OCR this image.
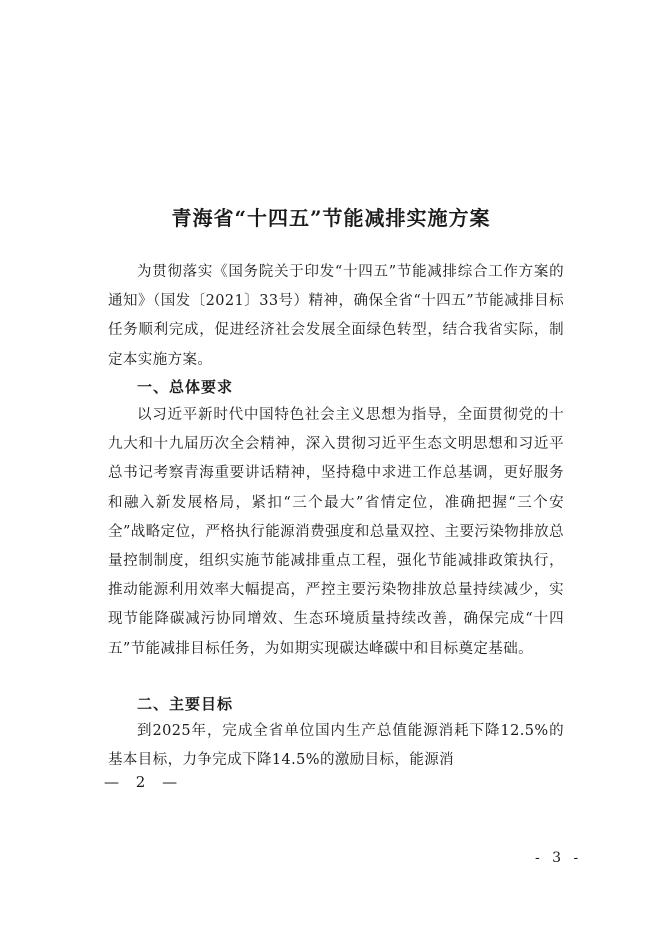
青海省“十四五”节能减排实施方案

为贯彻落实《国务院关于印发“十四五”节能减排综合工作方案的通知》（国发〔2021〕33号）精神，确保全省“十四五”节能减排目标任务顺利完成，促进经济社会发展全面绿色转型，结合我省实际，制定本实施方案。

一、总体要求

以习近平新时代中国特色社会主义思想为指导，全面贯彻党的十九大和十九届历次全会精神，深入贯彻习近平生态文明思想和习近平总书记考察青海重要讲话精神，坚持稳中求进工作总基调，更好服务和融入新发展格局，紧扣“三个最大”省情定位，准确把握“三个安全”战略定位，严格执行能源消费强度和总量双控、主要污染物排放总量控制制度，组织实施节能减排重点工程，强化节能减排政策执行，推动能源利用效率大幅提高，严控主要污染物排放总量持续减少，实现节能降碳减污协同增效、生态环境质量持续改善，确保完成“十四五”节能减排目标任务，为如期实现碳达峰碳中和目标奠定基础。

二、主要目标

到2025年，完成全省单位国内生产总值能源消耗下降12.5%的基本目标，力争完成下降14.5%的激励目标，能源消

— 2 —
- 3 -
